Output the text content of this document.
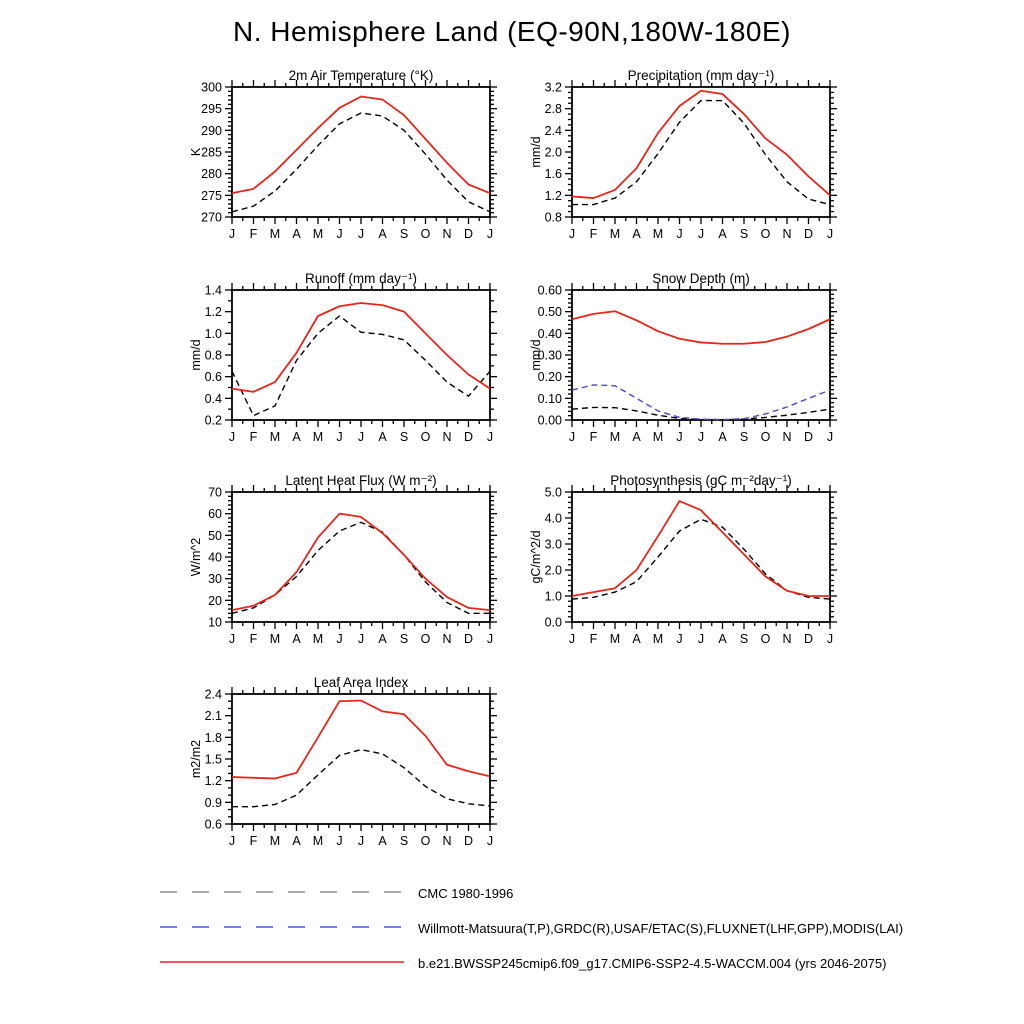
N. Hemisphere Land (EQ-90N,180W-180E)
J F M A M J J A S O N D J
270
275
280
285
290
295
300
2m Air Temperature (°K)
K
J F M A M J J A S O N D J
0.8
1.2
1.6
2.0
2.4
2.8
3.2
Precipitation (mm day⁻¹)
mm/d
J F M A M J J A S O N D J
0.2
0.4
0.6
0.8
1.0
1.2
1.4
Runoff (mm day⁻¹)
mm/d
J F M A M J J A S O N D J
0.00
0.10
0.20
0.30
0.40
0.50
0.60
Snow Depth (m)
mm/d
J F M A M J J A S O N D J
10
20
30
40
50
60
70
Latent Heat Flux (W m⁻²)
W/m^2
J F M A M J J A S O N D J
0.0
1.0
2.0
3.0
4.0
5.0
Photosynthesis (gC m⁻²day⁻¹)
gC/m^2/d
J F M A M J J A S O N D J
0.6
0.9
1.2
1.5
1.8
2.1
2.4
Leaf Area Index
m2/m2
CMC 1980-1996
Willmott-Matsuura(T,P),GRDC(R),USAF/ETAC(S),FLUXNET(LHF,GPP),MODIS(LAI)
b.e21.BWSSP245cmip6.f09_g17.CMIP6-SSP2-4.5-WACCM.004 (yrs 2046-2075)
